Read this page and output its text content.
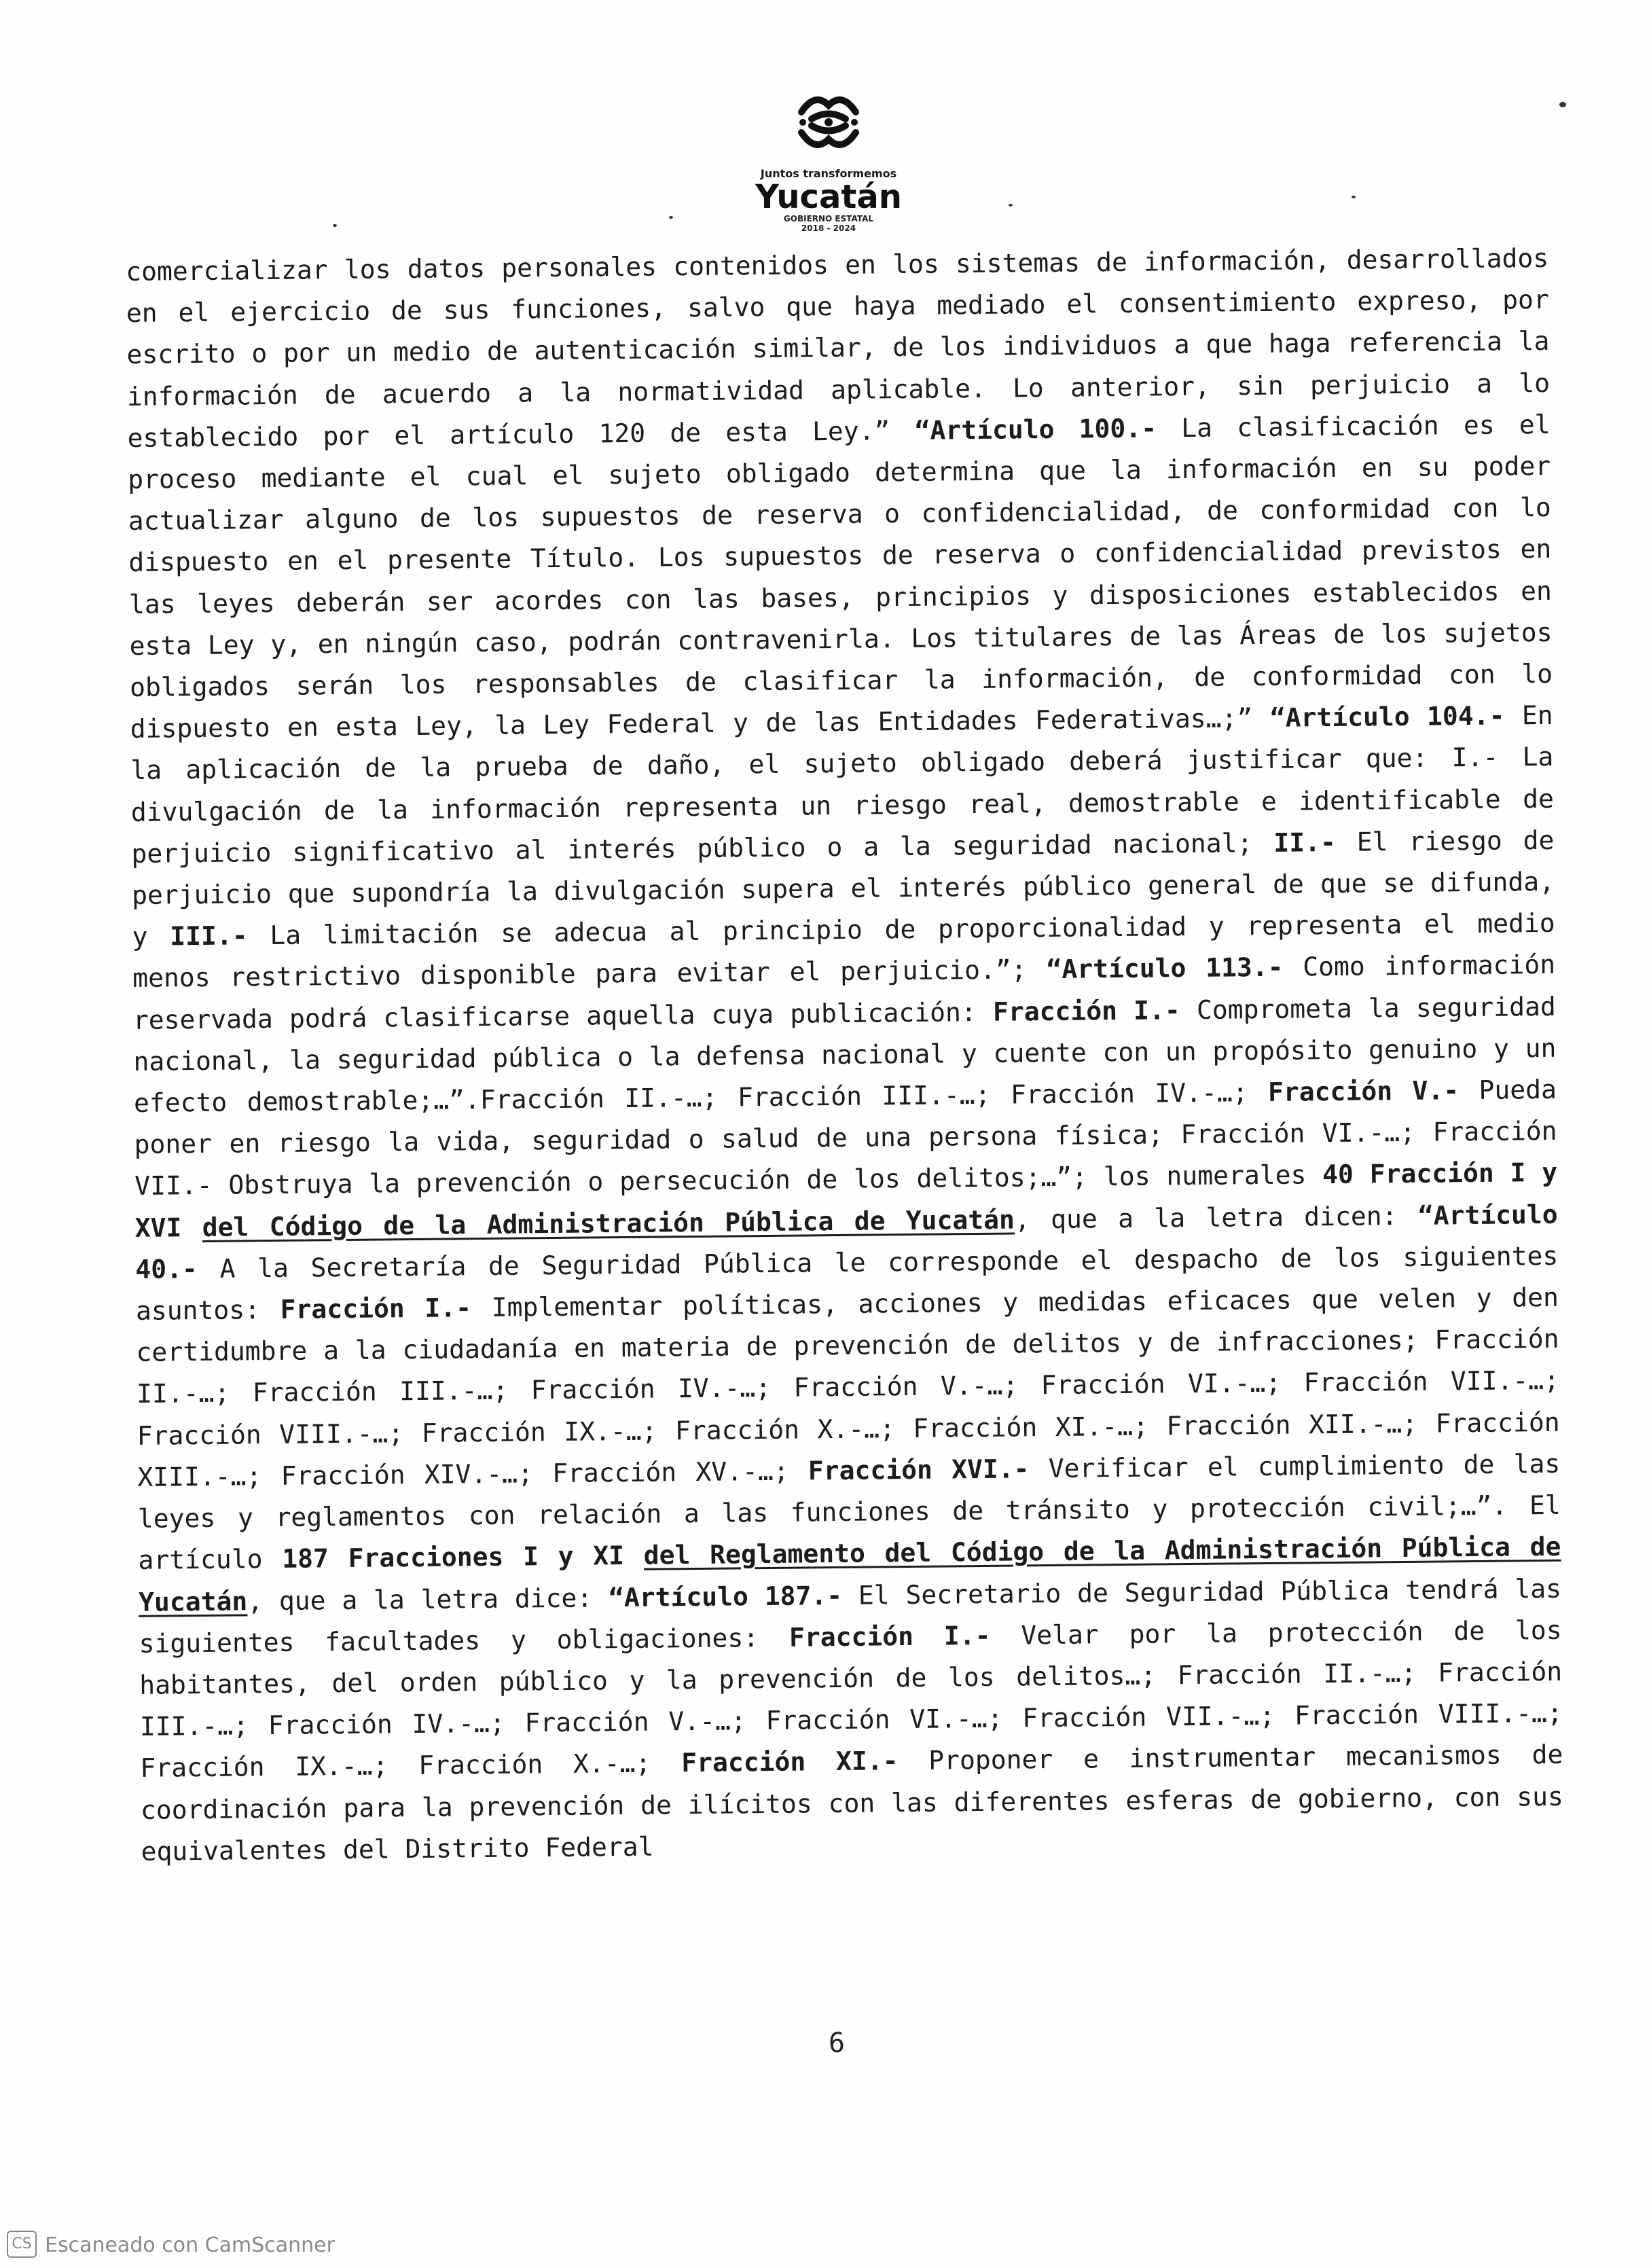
Juntos transformemos
Yucatán
GOBIERNO ESTATAL
2018 - 2024
comercializar los datos personales contenidos en los sistemas de información, desarrollados en el ejercicio de sus funciones, salvo que haya mediado el consentimiento expreso, por escrito o por un medio de autenticación similar, de los individuos a que haga referencia la información de acuerdo a la normatividad aplicable. Lo anterior, sin perjuicio a lo establecido por el artículo 120 de esta Ley.” “Artículo 100.- La clasificación es el proceso mediante el cual el sujeto obligado determina que la información en su poder actualizar alguno de los supuestos de reserva o confidencialidad, de conformidad con lo dispuesto en el presente Título. Los supuestos de reserva o confidencialidad previstos en las leyes deberán ser acordes con las bases, principios y disposiciones establecidos en esta Ley y, en ningún caso, podrán contravenirla. Los titulares de las Áreas de los sujetos obligados serán los responsables de clasificar la información, de conformidad con lo dispuesto en esta Ley, la Ley Federal y de las Entidades Federativas…;” “Artículo 104.- En la aplicación de la prueba de daño, el sujeto obligado deberá justificar que: I.- La divulgación de la información representa un riesgo real, demostrable e identificable de perjuicio significativo al interés público o a la seguridad nacional; II.- El riesgo de perjuicio que supondría la divulgación supera el interés público general de que se difunda, y III.- La limitación se adecua al principio de proporcionalidad y representa el medio menos restrictivo disponible para evitar el perjuicio.”; “Artículo 113.- Como información reservada podrá clasificarse aquella cuya publicación: Fracción I.- Comprometa la seguridad nacional, la seguridad pública o la defensa nacional y cuente con un propósito genuino y un efecto demostrable;…”.Fracción II.-…; Fracción III.-…; Fracción IV.-…; Fracción V.- Pueda poner en riesgo la vida, seguridad o salud de una persona física; Fracción VI.-…; Fracción VII.- Obstruya la prevención o persecución de los delitos;…”; los numerales 40 Fracción I y XVI del Código de la Administración Pública de Yucatán, que a la letra dicen: “Artículo 40.- A la Secretaría de Seguridad Pública le corresponde el despacho de los siguientes asuntos: Fracción I.- Implementar políticas, acciones y medidas eficaces que velen y den certidumbre a la ciudadanía en materia de prevención de delitos y de infracciones; Fracción II.-…; Fracción III.-…; Fracción IV.-…; Fracción V.-…; Fracción VI.-…; Fracción VII.-…; Fracción VIII.-…; Fracción IX.-…; Fracción X.-…; Fracción XI.-…; Fracción XII.-…; Fracción XIII.-…; Fracción XIV.-…; Fracción XV.-…; Fracción XVI.- Verificar el cumplimiento de las leyes y reglamentos con relación a las funciones de tránsito y protección civil;…”. El artículo 187 Fracciones I y XI del Reglamento del Código de la Administración Pública de Yucatán, que a la letra dice: “Artículo 187.- El Secretario de Seguridad Pública tendrá las siguientes facultades y obligaciones: Fracción I.- Velar por la protección de los habitantes, del orden público y la prevención de los delitos…; Fracción II.-…; Fracción III.-…; Fracción IV.-…; Fracción V.-…; Fracción VI.-…; Fracción VII.-…; Fracción VIII.-…; Fracción IX.-…; Fracción X.-…; Fracción XI.- Proponer e instrumentar mecanismos de coordinación para la prevención de ilícitos con las diferentes esferas de gobierno, con sus equivalentes del Distrito Federal
6
CS Escaneado con CamScanner
